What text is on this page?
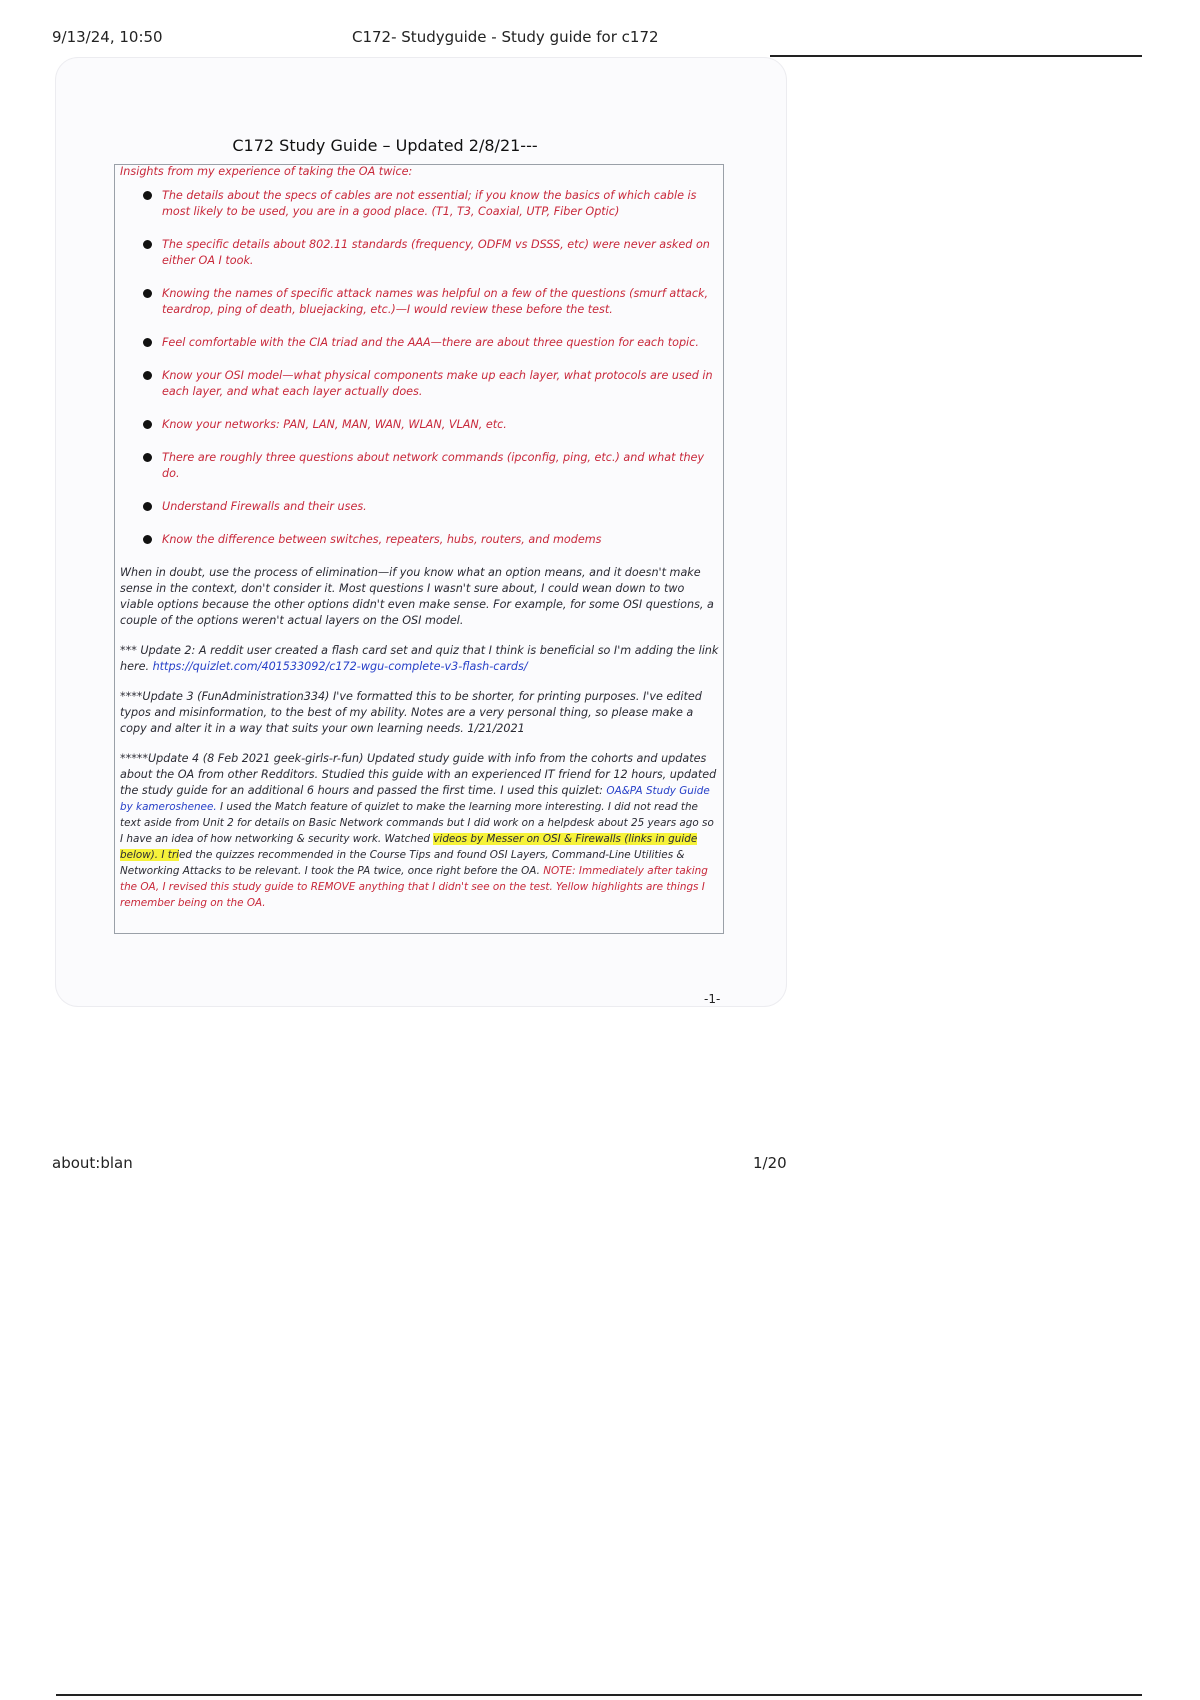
9/13/24, 10:50	C172- Studyguide - Study guide for c172
C172 Study Guide – Updated 2/8/21---
Insights from my experience of taking the OA twice:
The details about the specs of cables are not essential; if you know the basics of which cable is most likely to be used, you are in a good place. (T1, T3, Coaxial, UTP, Fiber Optic)
The specific details about 802.11 standards (frequency, ODFM vs DSSS, etc) were never asked on either OA I took.
Knowing the names of specific attack names was helpful on a few of the questions (smurf attack, teardrop, ping of death, bluejacking, etc.)—I would review these before the test.
Feel comfortable with the CIA triad and the AAA—there are about three question for each topic.
Know your OSI model—what physical components make up each layer, what protocols are used in each layer, and what each layer actually does.
Know your networks: PAN, LAN, MAN, WAN, WLAN, VLAN, etc.
There are roughly three questions about network commands (ipconfig, ping, etc.) and what they do.
Understand Firewalls and their uses.
Know the difference between switches, repeaters, hubs, routers, and modems

When in doubt, use the process of elimination—if you know what an option means, and it doesn't make sense in the context, don't consider it. Most questions I wasn't sure about, I could wean down to two viable options because the other options didn't even make sense. For example, for some OSI questions, a couple of the options weren't actual layers on the OSI model.

*** Update 2: A reddit user created a flash card set and quiz that I think is beneficial so I'm adding the link here. https://quizlet.com/401533092/c172-wgu-complete-v3-flash-cards/

****Update 3 (FunAdministration334) I've formatted this to be shorter, for printing purposes. I've edited typos and misinformation, to the best of my ability. Notes are a very personal thing, so please make a copy and alter it in a way that suits your own learning needs. 1/21/2021

*****Update 4 (8 Feb 2021 geek-girls-r-fun) Updated study guide with info from the cohorts and updates about the OA from other Redditors. Studied this guide with an experienced IT friend for 12 hours, updated the study guide for an additional 6 hours and passed the first time. I used this quizlet: OA&PA Study Guide by kameroshenee. I used the Match feature of quizlet to make the learning more interesting. I did not read the text aside from Unit 2 for details on Basic Network commands but I did work on a helpdesk about 25 years ago so I have an idea of how networking & security work. Watched videos by Messer on OSI & Firewalls (links in guide below). I tried the quizzes recommended in the Course Tips and found OSI Layers, Command-Line Utilities & Networking Attacks to be relevant. I took the PA twice, once right before the OA. NOTE: Immediately after taking the OA, I revised this study guide to REMOVE anything that I didn't see on the test. Yellow highlights are things I remember being on the OA.

-1-
about:blan	1/20
